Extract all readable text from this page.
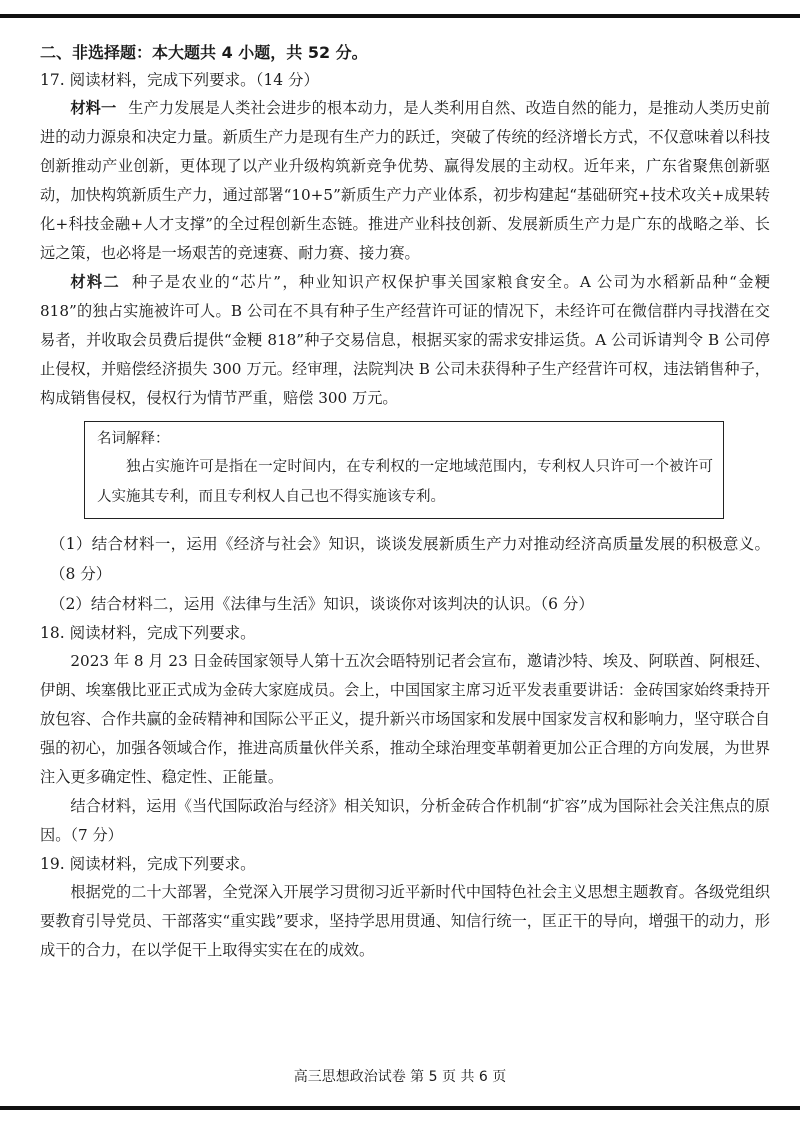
二、非选择题：本大题共 4 小题，共 52 分。

17. 阅读材料，完成下列要求。（14 分）

材料一 生产力发展是人类社会进步的根本动力，是人类利用自然、改造自然的能力，是推动人类历史前进的动力源泉和决定力量。新质生产力是现有生产力的跃迁，突破了传统的经济增长方式，不仅意味着以科技创新推动产业创新，更体现了以产业升级构筑新竞争优势、赢得发展的主动权。近年来，广东省聚焦创新驱动，加快构筑新质生产力，通过部署“10+5”新质生产力产业体系，初步构建起“基础研究+技术攻关+成果转化+科技金融+人才支撑”的全过程创新生态链。推进产业科技创新、发展新质生产力是广东的战略之举、长远之策，也必将是一场艰苦的竞速赛、耐力赛、接力赛。

材料二 种子是农业的“芯片”，种业知识产权保护事关国家粮食安全。A 公司为水稻新品种“金粳 818”的独占实施被许可人。B 公司在不具有种子生产经营许可证的情况下，未经许可在微信群内寻找潜在交易者，并收取会员费后提供“金粳 818”种子交易信息，根据买家的需求安排运货。A 公司诉请判令 B 公司停止侵权，并赔偿经济损失 300 万元。经审理，法院判决 B 公司未获得种子生产经营许可权，违法销售种子，构成销售侵权，侵权行为情节严重，赔偿 300 万元。

名词解释：

独占实施许可是指在一定时间内，在专利权的一定地域范围内，专利权人只许可一个被许可人实施其专利，而且专利权人自己也不得实施该专利。

（1）结合材料一，运用《经济与社会》知识，谈谈发展新质生产力对推动经济高质量发展的积极意义。（8 分）

（2）结合材料二，运用《法律与生活》知识，谈谈你对该判决的认识。（6 分）

18. 阅读材料，完成下列要求。

2023 年 8 月 23 日金砖国家领导人第十五次会晤特别记者会宣布，邀请沙特、埃及、阿联酋、阿根廷、伊朗、埃塞俄比亚正式成为金砖大家庭成员。会上，中国国家主席习近平发表重要讲话：金砖国家始终秉持开放包容、合作共赢的金砖精神和国际公平正义，提升新兴市场国家和发展中国家发言权和影响力，坚守联合自强的初心，加强各领域合作，推进高质量伙伴关系，推动全球治理变革朝着更加公正合理的方向发展，为世界注入更多确定性、稳定性、正能量。

结合材料，运用《当代国际政治与经济》相关知识，分析金砖合作机制“扩容”成为国际社会关注焦点的原因。（7 分）

19. 阅读材料，完成下列要求。

根据党的二十大部署，全党深入开展学习贯彻习近平新时代中国特色社会主义思想主题教育。各级党组织要教育引导党员、干部落实“重实践”要求，坚持学思用贯通、知信行统一，匡正干的导向，增强干的动力，形成干的合力，在以学促干上取得实实在在的成效。

高三思想政治试卷 第 5 页 共 6 页
